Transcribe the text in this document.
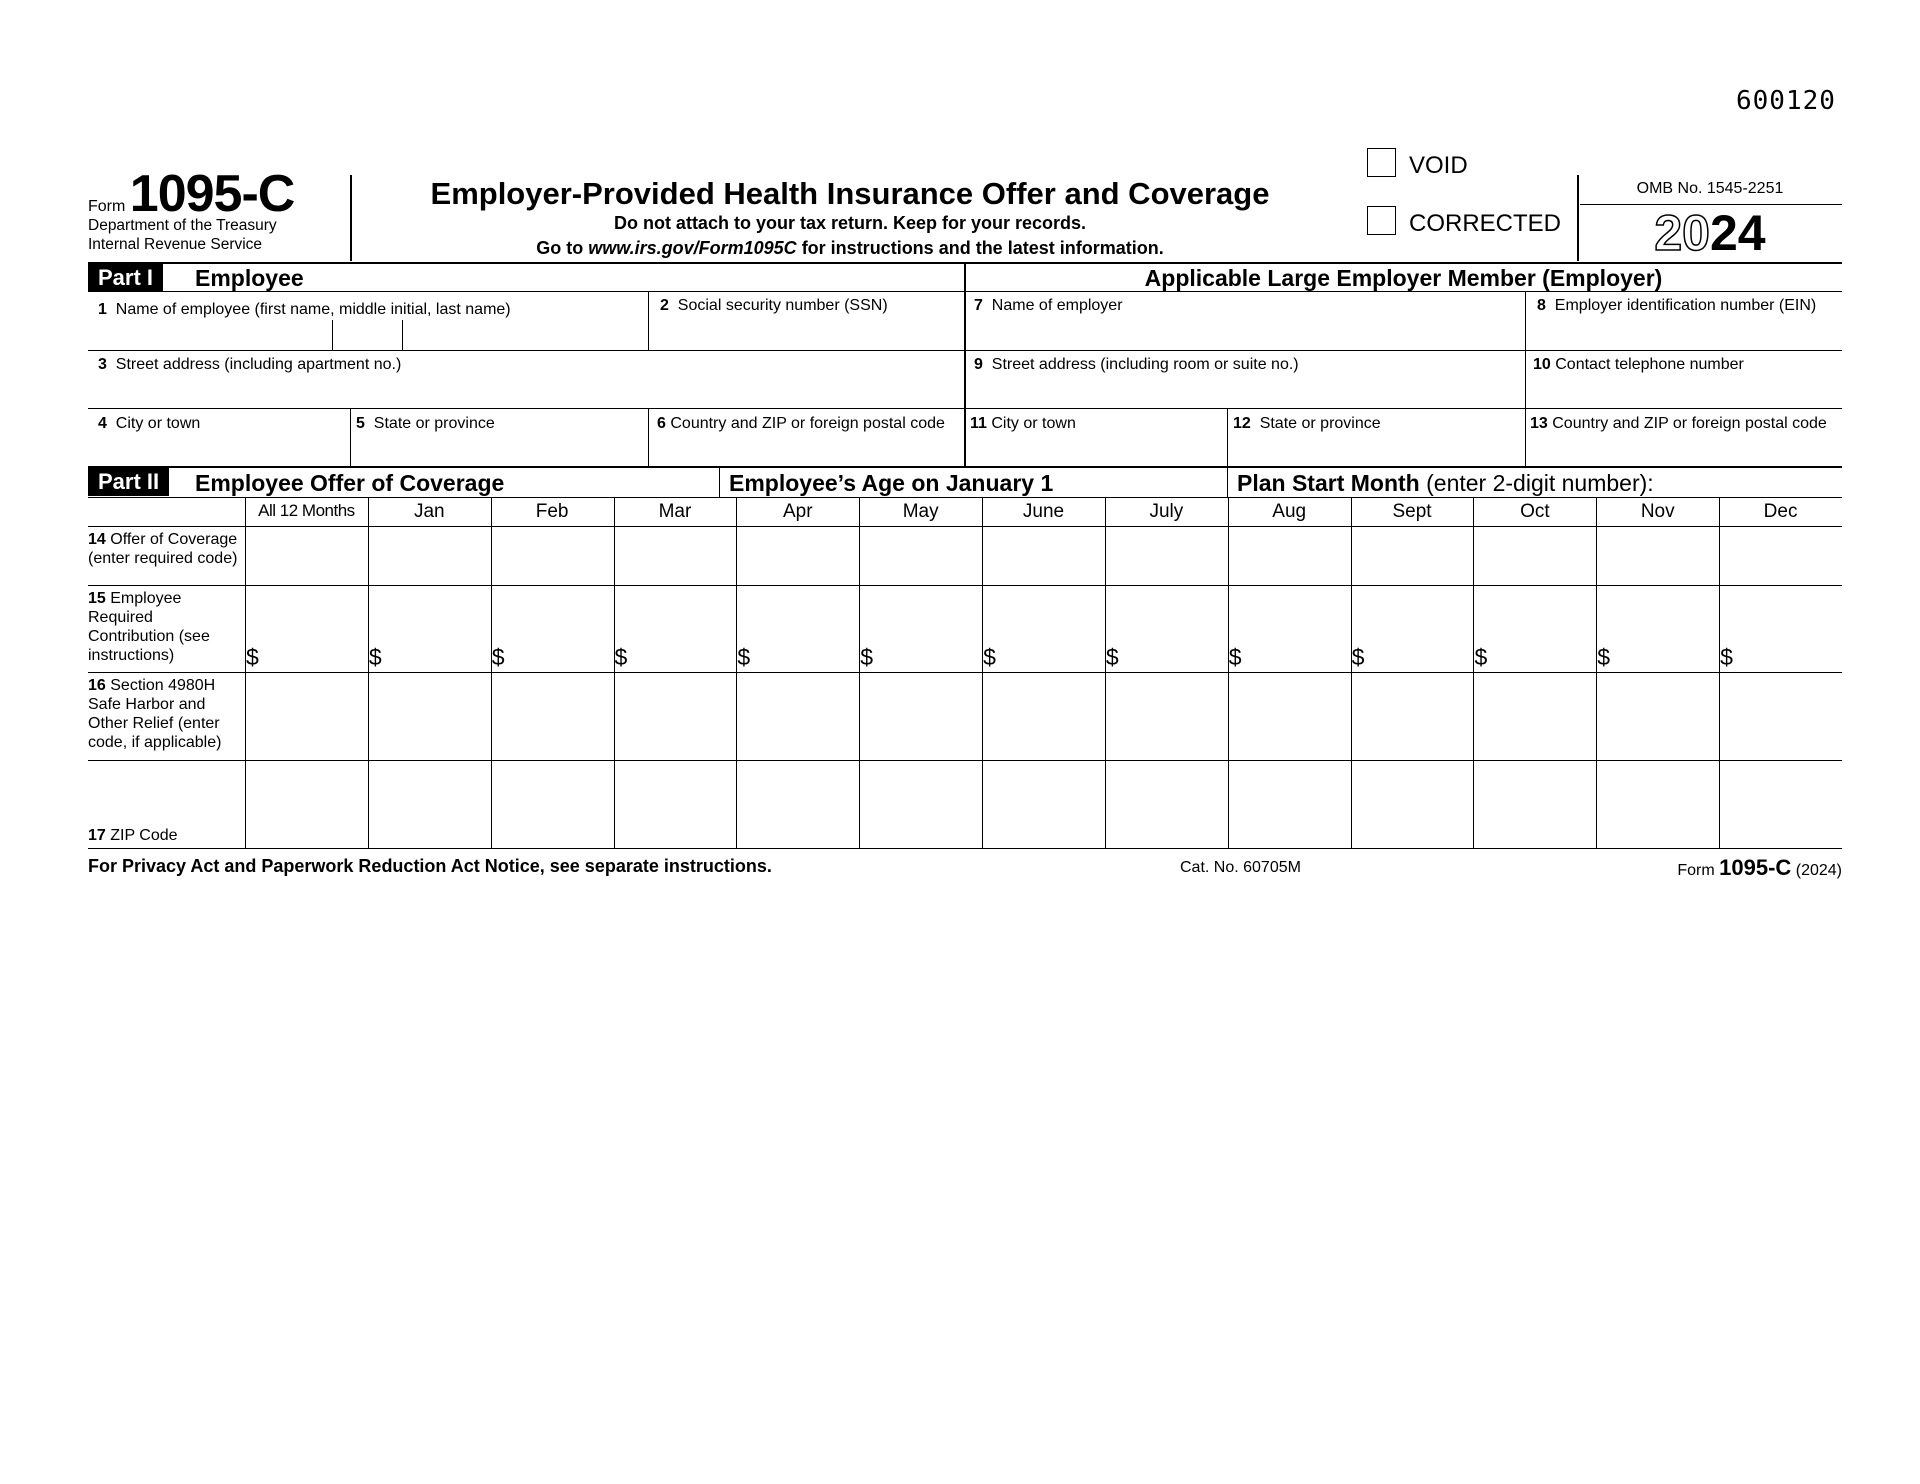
600120
Form 1095-C
Department of the Treasury
Internal Revenue Service
Employer-Provided Health Insurance Offer and Coverage
Do not attach to your tax return. Keep for your records.
Go to www.irs.gov/Form1095C for instructions and the latest information.
VOID
CORRECTED
OMB No. 1545-2251
2024
Part I	Employee	Applicable Large Employer Member (Employer)
1 Name of employee (first name, middle initial, last name)	2 Social security number (SSN)	7 Name of employer	8 Employer identification number (EIN)
3 Street address (including apartment no.)	9 Street address (including room or suite no.)	10 Contact telephone number
4 City or town	5 State or province	6 Country and ZIP or foreign postal code	11 City or town	12 State or province	13 Country and ZIP or foreign postal code
Part II	Employee Offer of Coverage	Employee’s Age on January 1	Plan Start Month (enter 2-digit number):
All 12 Months	Jan	Feb	Mar	Apr	May	June	July	Aug	Sept	Oct	Nov	Dec
14 Offer of Coverage (enter required code)
15 Employee Required Contribution (see instructions)	$	$	$	$	$	$	$	$	$	$	$	$	$
16 Section 4980H Safe Harbor and Other Relief (enter code, if applicable)
17 ZIP Code
For Privacy Act and Paperwork Reduction Act Notice, see separate instructions.	Cat. No. 60705M	Form 1095-C (2024)
